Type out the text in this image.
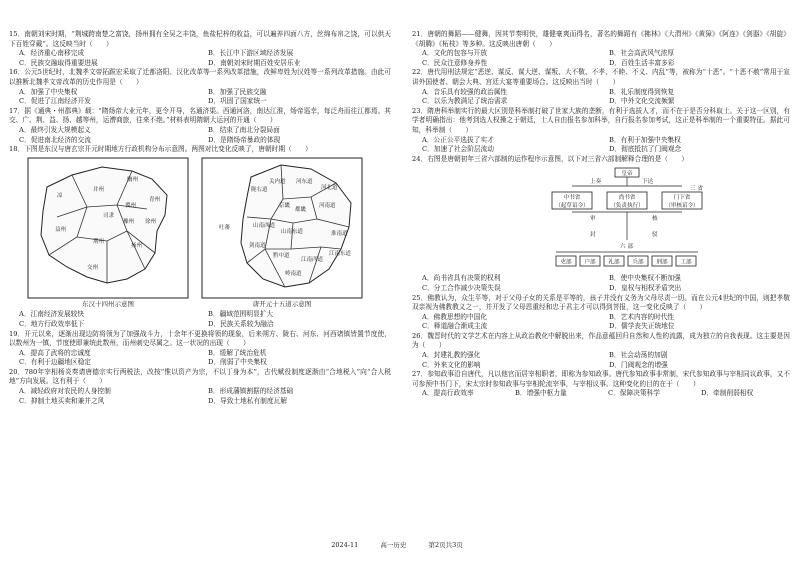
15．南朝刘宋时期，“荆城跨南楚之富饶，扬州拥有全吴之丰饶，鱼盐杞梓的收益，可以遍养四面八方，丝绵布帛之饶，可以供天下百姓穿戴”。这反映当时（　　）

A．经济重心南移完成	B．长江中下游区域经济发展
C．民族交融取得重要进展	D．南朝刘宋时期百姓安居乐业

16．公元5世纪时，北魏孝文帝拓跋宏采取了迁都洛阳、汉化改革等一系列改革措施，改鲜卑姓为汉姓等一系列改革措施。由此可以推断北魏孝文帝改革的历史作用是（　　）

A．加强了中央集权	B．加强了民族交融
C．促进了江南经济开发	D．巩固了国家统一

17．据《通典・州郡典》载：“隋炀帝大业元年，更令开导，名通济渠。西通河洛，南达江淮，炀帝巡幸，每泛舟而往江都焉。其交、广、荆、益、扬、越等州，运漕商旅，往来不绝。”材料表明隋朝大运河的开通（　　）

A．最终引发大规模起义	B．结束了南北分裂局面
C．促进南北经济的交流	D．是隋炀帝暴政的体现

18．下图是东汉与唐玄宗开元时期地方行政机构分布示意图。两图对比变化反映了，唐朝时期（　　）

凉
幽州
并州
冀州
青州
益州
荆州
扬州
交州
豫州 徐州
司隶
东汉十四州示意图
陇右道
关内道 河东道
河北道
河南道
京畿
都畿
山南西道
山南东道
剑南道
黔中道
江南西道
江南东道
淮南道
岭南道
吐蕃
唐开元十五道示意图
A．江南经济发展较快	B．疆域范围明显扩大
C．地方行政效率低下	D．民族关系较为融洽

19．开元以来，逐渐出现边防将领为了加强战斗力，十余年不更换将领的现象，后来朔方、陇右、河东、河西诸镇皆置节度使，以数州为一镇，节度使即兼统此数州，而州刺史尽属之。这一状况的出现（　　）

A．提高了武将的忠诚度	B．缓解了统治危机
C．有利于边疆地区稳定	D．削弱了中央集权

20．780年宰相杨炎奏请唐德宗实行两税法，改按“惟以资产为宗，不以丁身为本”，古代赋役制度逐渐由“合地税入”向“合人税地”方向发展。这有利于（　　）

A．减轻政府对农民的人身控制	B．形成藩镇割据的经济基础
C．抑制土地买卖和兼并之风	D．导致土地私有制度瓦解

21．唐朝的舞蹈——健舞，因其节奏明快，雄健豪爽而得名，著名的舞蹈有《拂林》《大渭州》《黄獐》《阿连》《剑器》《胡旋》《胡腾》《柘枝》等多种。这反映出唐朝（　　）

A．文化的包容与开放	B．社会高武风气浓厚
C．民众注意修身养性	D．百姓生活丰富多彩

22．唐代用刑法规定“恶逆、谋反、谋大逆、谋叛、大不敬、不孝、不睦、不义、内乱”等，被称为“十恶”。“十恶不赦”常用于宣讲外国使者、朝会大典、宫廷大宴等重要场合。这反映出当时（　　）

A．音乐具有较强的政治属性	B．礼乐制度得到恢复
C．以乐为教满足了统治需求	D．中外文化交流频繁

23．隋唐科举制实行的最大区别是科举制打破了世家大族的垄断，有利于选拔人才，而不在于是否分科取士。关于这一区别，有学者明确指出：他考到选人权操之于朝廷，士人自由报名参加科举，自行报名参加考试，这正是科举制的一个重要特征。据此可知，科举制（　　）

A．公正公平选拔了实才	B．有利于加强中央集权
C．加速了社会阶层流动	D．彻底抵抗了门阀观念

24．右图是唐朝初年三省六部制的运作程序示意图，以下对三省六部制解释合理的是（　　）

皇帝
上奏	下达
三 省
中书省
（起草诏令）
尚书省
（负责执行）
门下省
（审核诏令）
审	核
封	驳
六 部
吏部 户部 礼部 兵部 刑部 工部
A．尚书省具有决策的权利	B．使中央集权不断加强
C．分工合作减少决策失误	D．皇权与相权矛盾突出

25．佛教认为，众生平等，对于父母子女的关系是平等的，孩子并没有义务为父母尽责一切。而在公元4世纪的中国，则把孝敬双亲视为佛教教义之一，并开发了父母恩重经和忠于君主才可以得到菩报，这一变化反映了（　　）

A．佛教思想的中国化	B．艺术内容的时代性
C．释道融合渐成主流	D．儒学丧失正统地位

26．魏晋时代的文学艺术在内容上从政治教化中解脱出来，作品意蕴回归自然和人性的流露，成为独立的自我表现。这主要是因为（　　）

A．封建礼教的强化	B．社会动荡的加剧
C．外来文化的影响	D．门阀观念的增强

27．参知政事沿自唐代，凡以他官而居宰相职者，即称为参知政事。唐代参知政事非常制，宋代参知政事与宰相同议政事，又不可参预中书门下，宋太宗时参知政事与宰相轮流宰事，与宰相议事。这种变化的目的在于（　　）

A．提高行政效率	B．增强中枢力量	C．保障决策科学	D．牵制削弱相权
2024-11	高一历史	第2页共3页
